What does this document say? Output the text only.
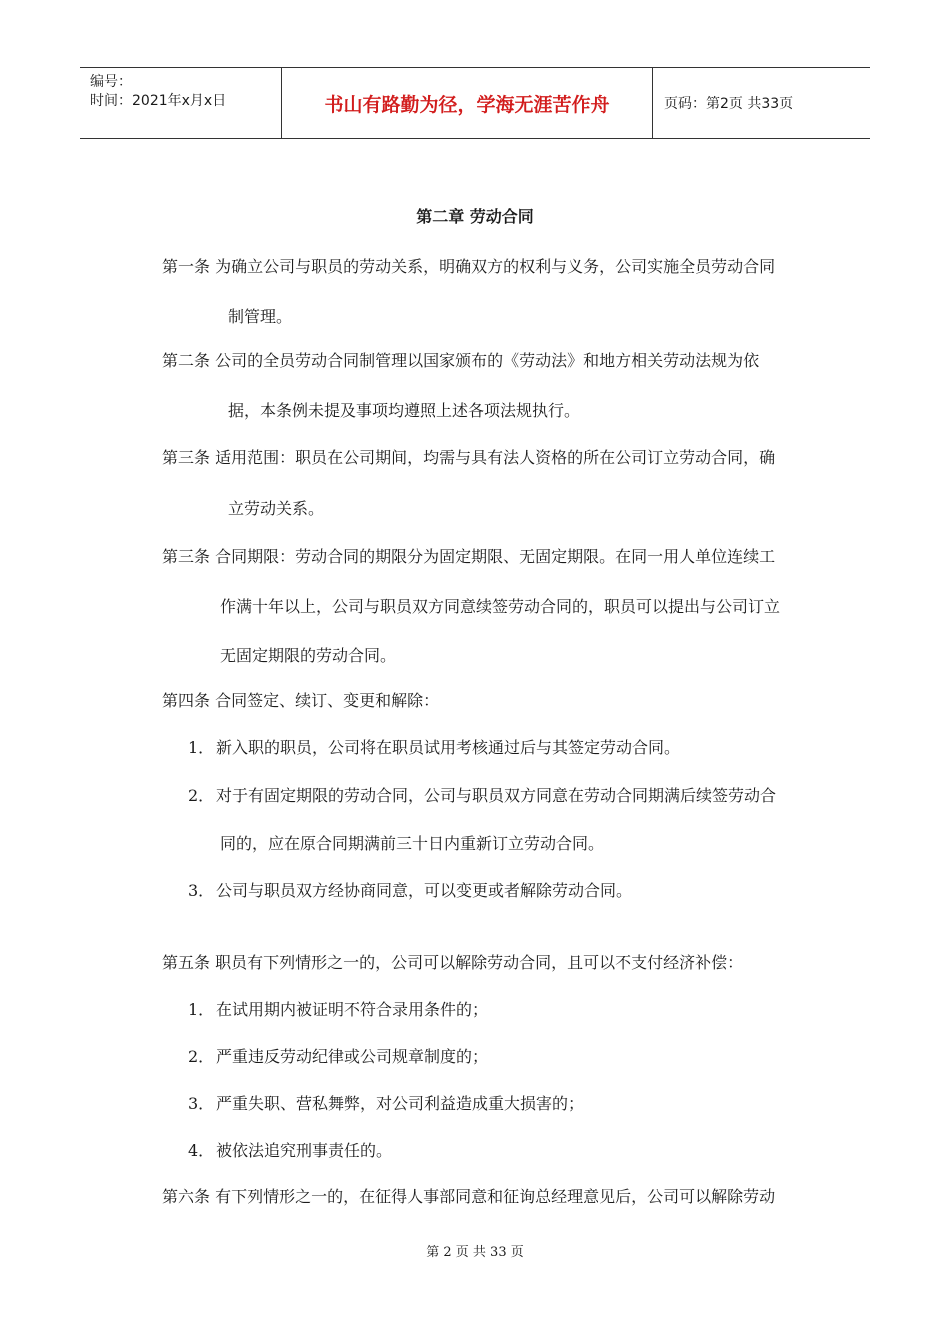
编号：
时间：2021年x月x日	书山有路勤为径，学海无涯苦作舟	页码：第2页 共33页
第二章 劳动合同
第一条 为确立公司与职员的劳动关系，明确双方的权利与义务，公司实施全员劳动合同
制管理。
第二条 公司的全员劳动合同制管理以国家颁布的《劳动法》和地方相关劳动法规为依
据，本条例未提及事项均遵照上述各项法规执行。
第三条 适用范围：职员在公司期间，均需与具有法人资格的所在公司订立劳动合同，确
立劳动关系。
第三条 合同期限：劳动合同的期限分为固定期限、无固定期限。在同一用人单位连续工
作满十年以上，公司与职员双方同意续签劳动合同的，职员可以提出与公司订立
无固定期限的劳动合同。
第四条 合同签定、续订、变更和解除：
1． 新入职的职员，公司将在职员试用考核通过后与其签定劳动合同。
2． 对于有固定期限的劳动合同，公司与职员双方同意在劳动合同期满后续签劳动合
同的，应在原合同期满前三十日内重新订立劳动合同。
3． 公司与职员双方经协商同意，可以变更或者解除劳动合同。
第五条 职员有下列情形之一的，公司可以解除劳动合同，且可以不支付经济补偿：
1． 在试用期内被证明不符合录用条件的；
2． 严重违反劳动纪律或公司规章制度的；
3． 严重失职、营私舞弊，对公司利益造成重大损害的；
4． 被依法追究刑事责任的。
第六条 有下列情形之一的，在征得人事部同意和征询总经理意见后，公司可以解除劳动
第 2 页 共 33 页
